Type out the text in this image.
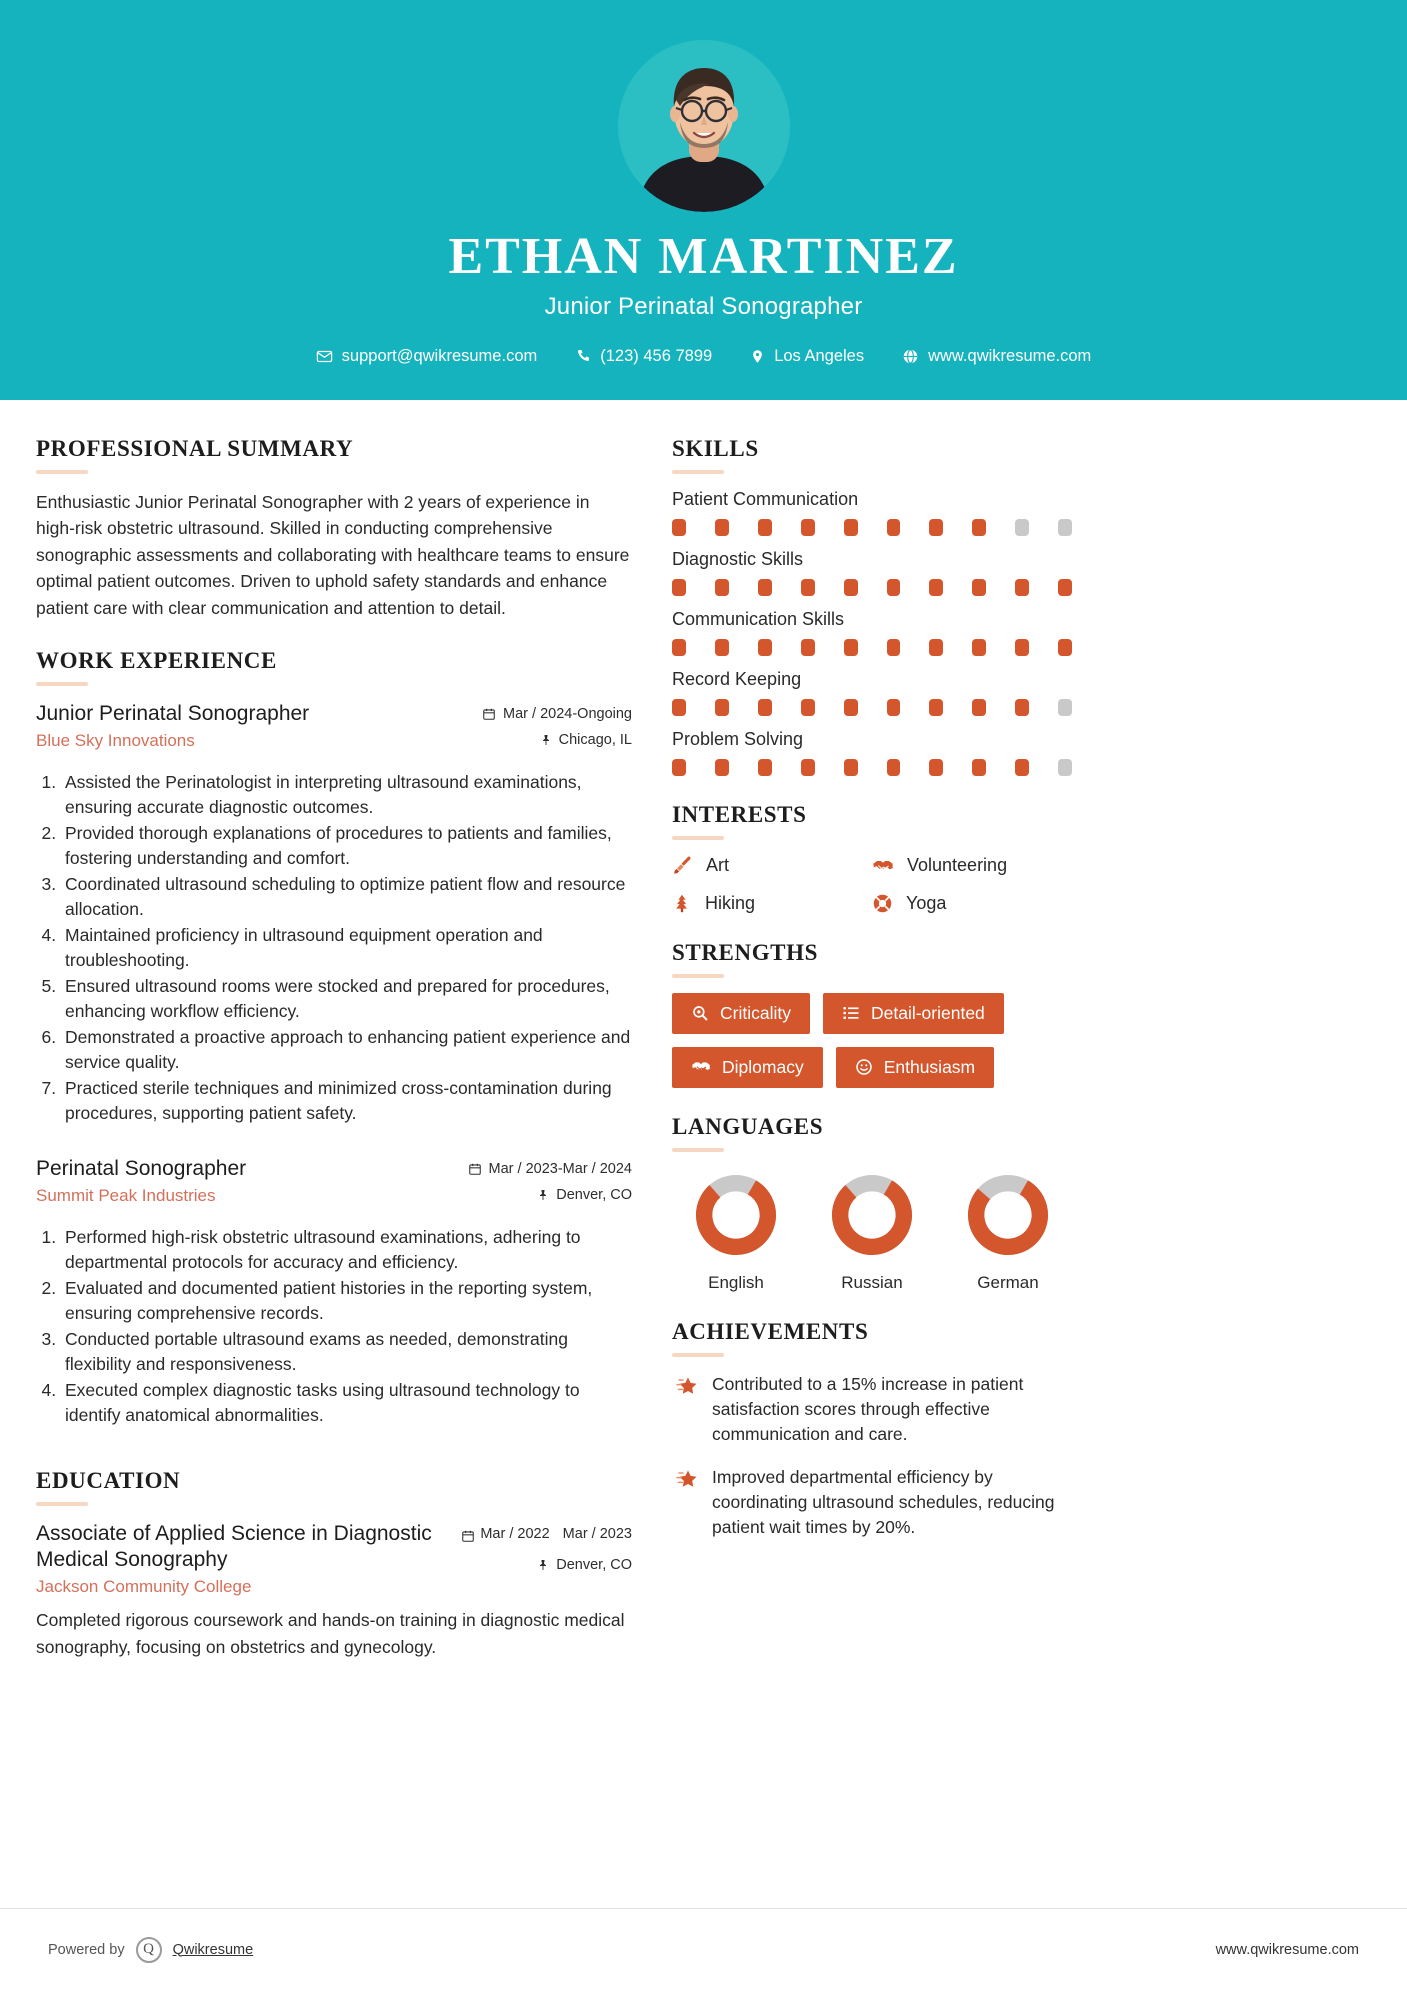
ETHAN MARTINEZ
Junior Perinatal Sonographer
support@qwikresume.com	(123) 456 7899	Los Angeles	www.qwikresume.com
PROFESSIONAL SUMMARY
Enthusiastic Junior Perinatal Sonographer with 2 years of experience in high-risk obstetric ultrasound. Skilled in conducting comprehensive sonographic assessments and collaborating with healthcare teams to ensure optimal patient outcomes. Driven to uphold safety standards and enhance patient care with clear communication and attention to detail.
WORK EXPERIENCE
Junior Perinatal Sonographer
Blue Sky Innovations
Mar / 2024-Ongoing
Chicago, IL
1. Assisted the Perinatologist in interpreting ultrasound examinations, ensuring accurate diagnostic outcomes.
2. Provided thorough explanations of procedures to patients and families, fostering understanding and comfort.
3. Coordinated ultrasound scheduling to optimize patient flow and resource allocation.
4. Maintained proficiency in ultrasound equipment operation and troubleshooting.
5. Ensured ultrasound rooms were stocked and prepared for procedures, enhancing workflow efficiency.
6. Demonstrated a proactive approach to enhancing patient experience and service quality.
7. Practiced sterile techniques and minimized cross-contamination during procedures, supporting patient safety.
Perinatal Sonographer
Summit Peak Industries
Mar / 2023-Mar / 2024
Denver, CO
1. Performed high-risk obstetric ultrasound examinations, adhering to departmental protocols for accuracy and efficiency.
2. Evaluated and documented patient histories in the reporting system, ensuring comprehensive records.
3. Conducted portable ultrasound exams as needed, demonstrating flexibility and responsiveness.
4. Executed complex diagnostic tasks using ultrasound technology to identify anatomical abnormalities.
EDUCATION
Associate of Applied Science in Diagnostic Medical Sonography
Jackson Community College
Mar / 2022 Mar / 2023
Denver, CO
Completed rigorous coursework and hands-on training in diagnostic medical sonography, focusing on obstetrics and gynecology.
SKILLS
Patient Communication
Diagnostic Skills
Communication Skills
Record Keeping
Problem Solving
INTERESTS
Art	Volunteering
Hiking	Yoga
STRENGTHS
Criticality	Detail-oriented
Diplomacy	Enthusiasm
LANGUAGES
English	Russian	German
ACHIEVEMENTS
Contributed to a 15% increase in patient satisfaction scores through effective communication and care.
Improved departmental efficiency by coordinating ultrasound schedules, reducing patient wait times by 20%.
Powered by	Q	Qwikresume	www.qwikresume.com
